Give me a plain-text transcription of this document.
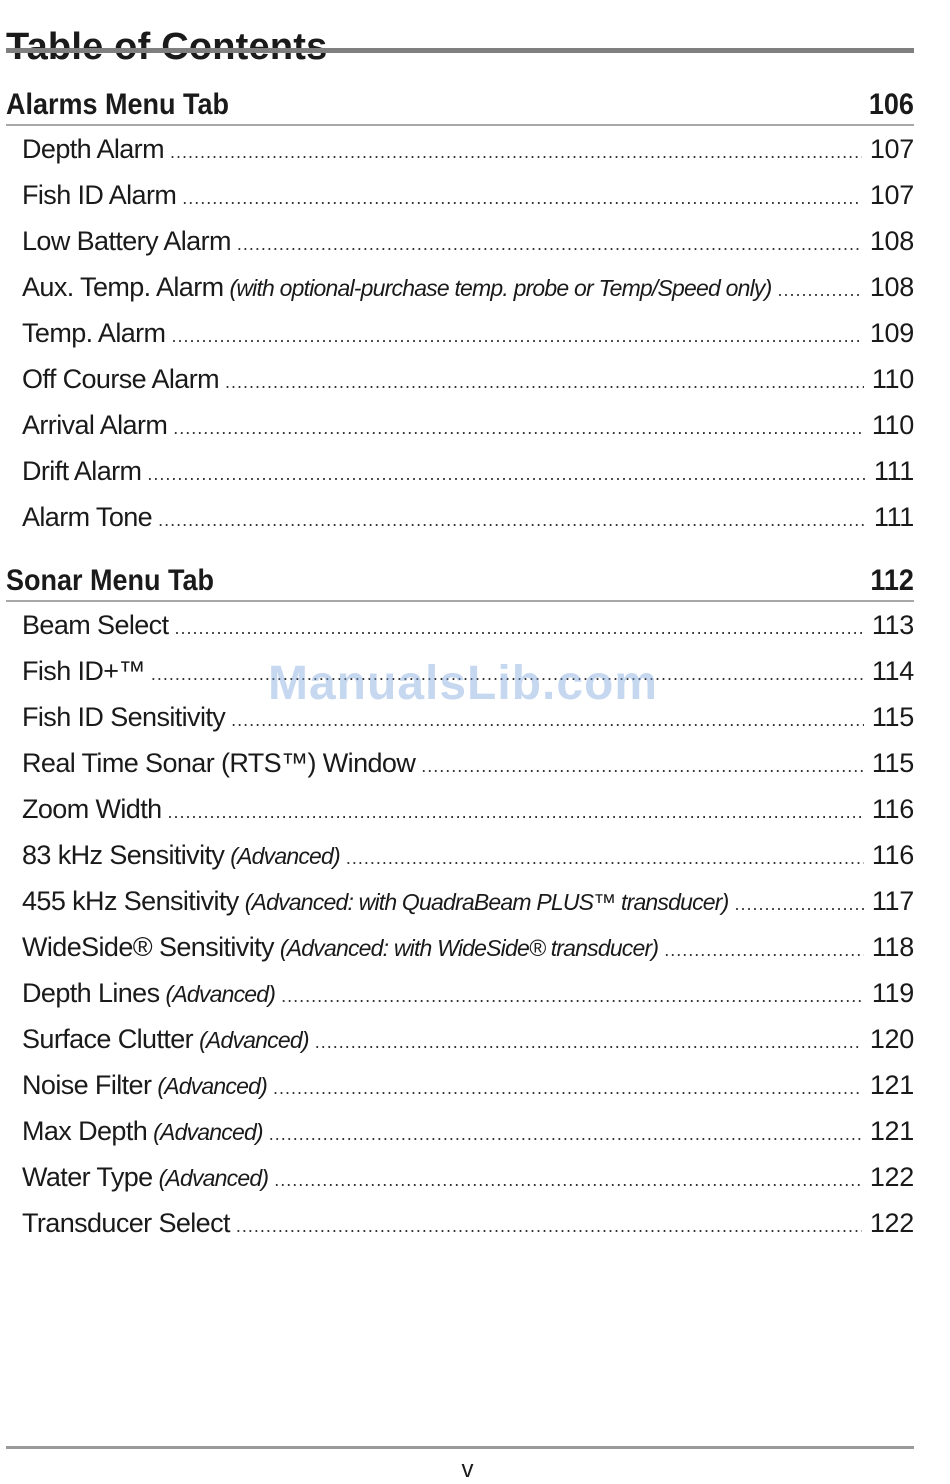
Alarms Menu Tab	106
Depth Alarm .....	107
Fish ID Alarm .....	107
Low Battery Alarm .....	108
Aux. Temp. Alarm (with optional-purchase temp. probe or Temp/Speed only) .....	108
Temp. Alarm .....	109
Off Course Alarm .....	110
Arrival Alarm .....	110
Drift Alarm .....	111
Alarm Tone .....	111
Sonar Menu Tab	112
Beam Select .....	113
Fish ID+™ .....	114
Fish ID Sensitivity .....	115
Real Time Sonar (RTS™) Window .....	115
Zoom Width .....	116
83 kHz Sensitivity (Advanced) .....	116
455 kHz Sensitivity (Advanced: with QuadraBeam PLUS™ transducer) .....	117
WideSide® Sensitivity (Advanced: with WideSide® transducer) .....	118
Depth Lines (Advanced) .....	119
Surface Clutter (Advanced) .....	120
Noise Filter (Advanced) .....	121
Max Depth (Advanced) .....	121
Water Type (Advanced) .....	122
Transducer Select .....	122
ManualsLib.com
v
